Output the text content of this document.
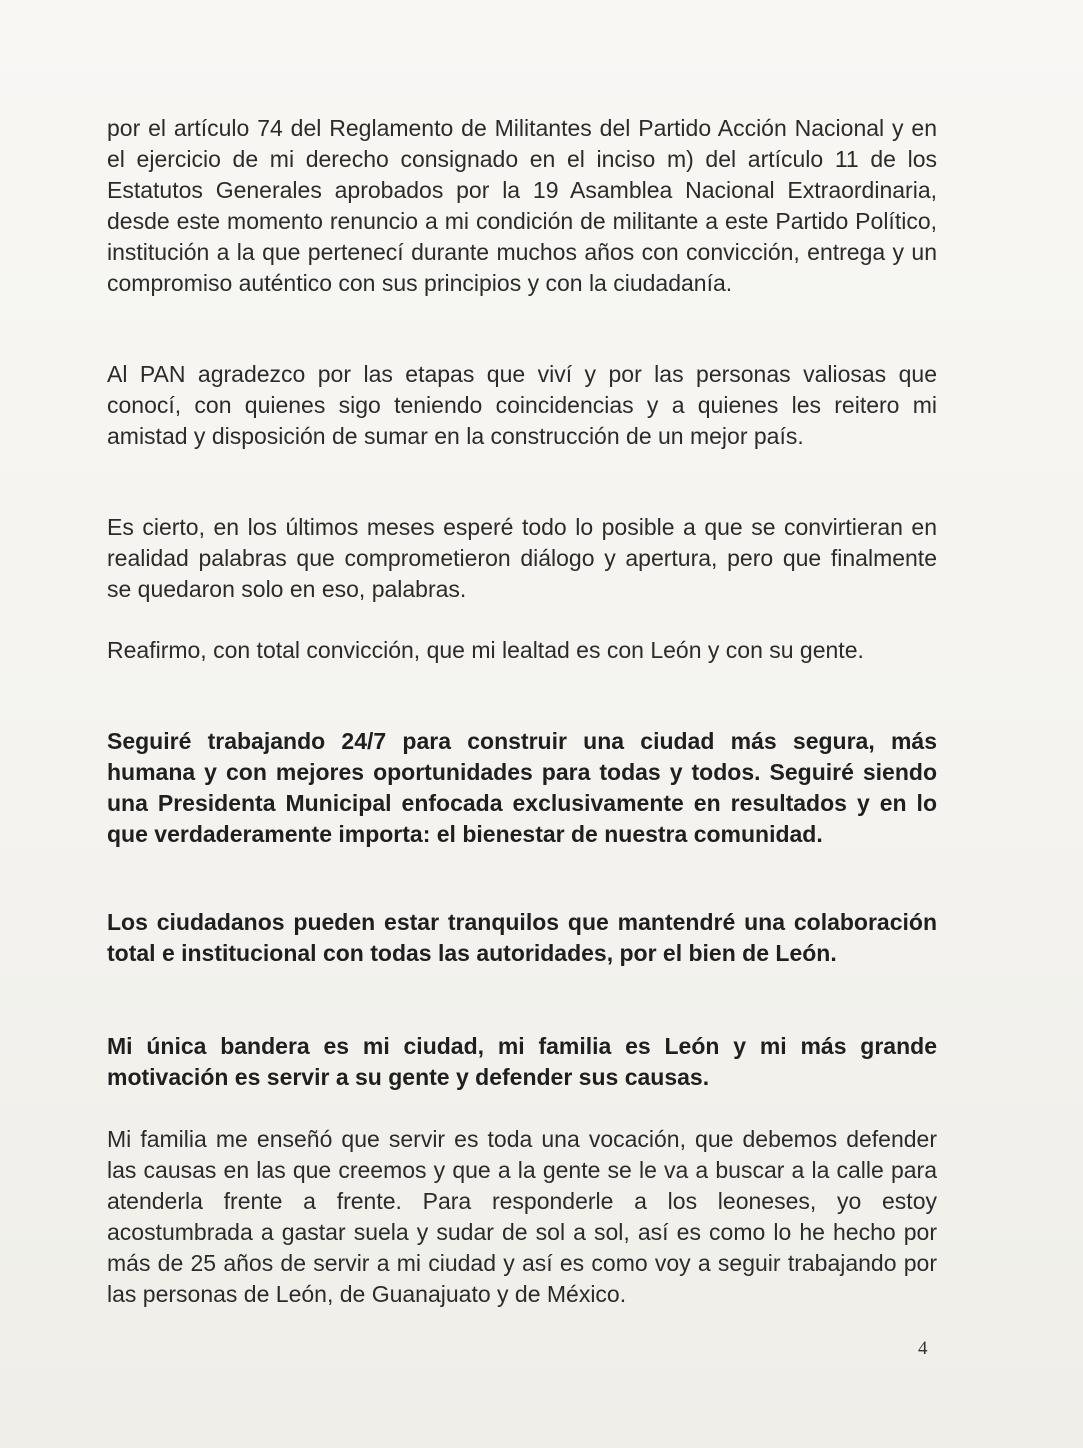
por el artículo 74 del Reglamento de Militantes del Partido Acción Nacional y en el ejercicio de mi derecho consignado en el inciso m) del artículo 11 de los Estatutos Generales aprobados por la 19 Asamblea Nacional Extraordinaria, desde este momento renuncio a mi condición de militante a este Partido Político, institución a la que pertenecí durante muchos años con convicción, entrega y un compromiso auténtico con sus principios y con la ciudadanía.

Al PAN agradezco por las etapas que viví y por las personas valiosas que conocí, con quienes sigo teniendo coincidencias y a quienes les reitero mi amistad y disposición de sumar en la construcción de un mejor país.

Es cierto, en los últimos meses esperé todo lo posible a que se convirtieran en realidad palabras que comprometieron diálogo y apertura, pero que finalmente se quedaron solo en eso, palabras.

Reafirmo, con total convicción, que mi lealtad es con León y con su gente.

Seguiré trabajando 24/7 para construir una ciudad más segura, más humana y con mejores oportunidades para todas y todos. Seguiré siendo una Presidenta Municipal enfocada exclusivamente en resultados y en lo que verdaderamente importa: el bienestar de nuestra comunidad.

Los ciudadanos pueden estar tranquilos que mantendré una colaboración total e institucional con todas las autoridades, por el bien de León.

Mi única bandera es mi ciudad, mi familia es León y mi más grande motivación es servir a su gente y defender sus causas.

Mi familia me enseñó que servir es toda una vocación, que debemos defender las causas en las que creemos y que a la gente se le va a buscar a la calle para atenderla frente a frente. Para responderle a los leoneses, yo estoy acostumbrada a gastar suela y sudar de sol a sol, así es como lo he hecho por más de 25 años de servir a mi ciudad y así es como voy a seguir trabajando por las personas de León, de Guanajuato y de México.

4
